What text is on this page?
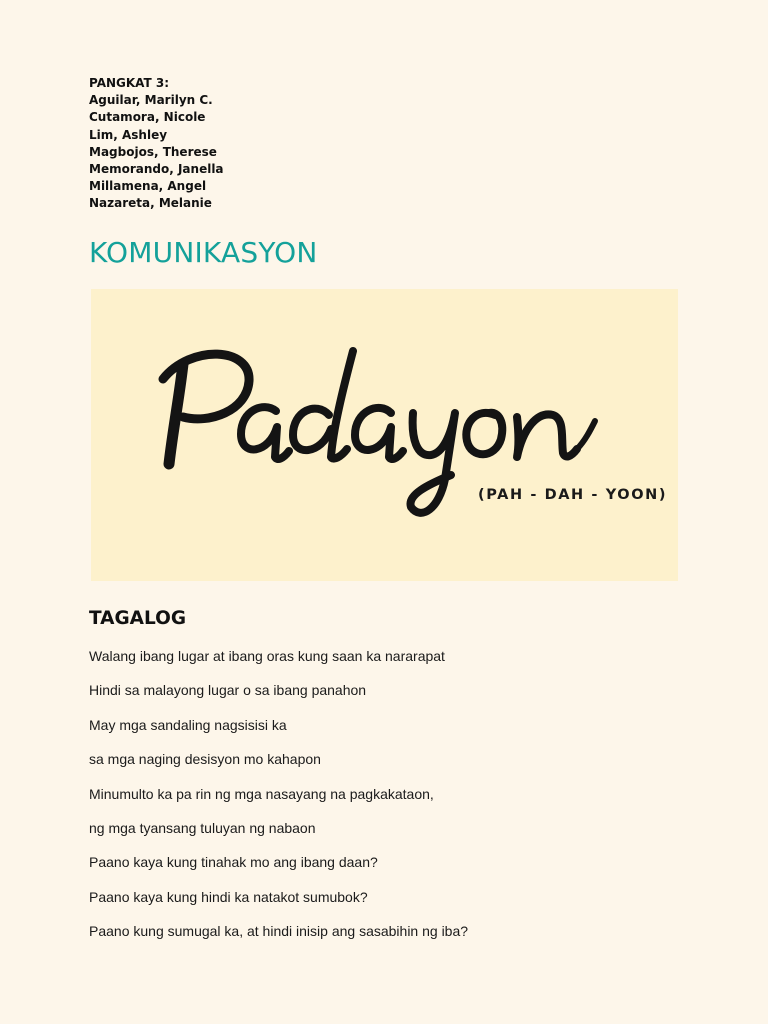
PANGKAT 3:
Aguilar, Marilyn C.
Cutamora, Nicole
Lim, Ashley
Magbojos, Therese
Memorando, Janella
Millamena, Angel
Nazareta, Melanie
KOMUNIKASYON
(PAH - DAH - YOON)
TAGALOG
Walang ibang lugar at ibang oras kung saan ka nararapat
Hindi sa malayong lugar o sa ibang panahon
May mga sandaling nagsisisi ka
sa mga naging desisyon mo kahapon
Minumulto ka pa rin ng mga nasayang na pagkakataon,
ng mga tyansang tuluyan ng nabaon
Paano kaya kung tinahak mo ang ibang daan?
Paano kaya kung hindi ka natakot sumubok?
Paano kung sumugal ka, at hindi inisip ang sasabihin ng iba?
